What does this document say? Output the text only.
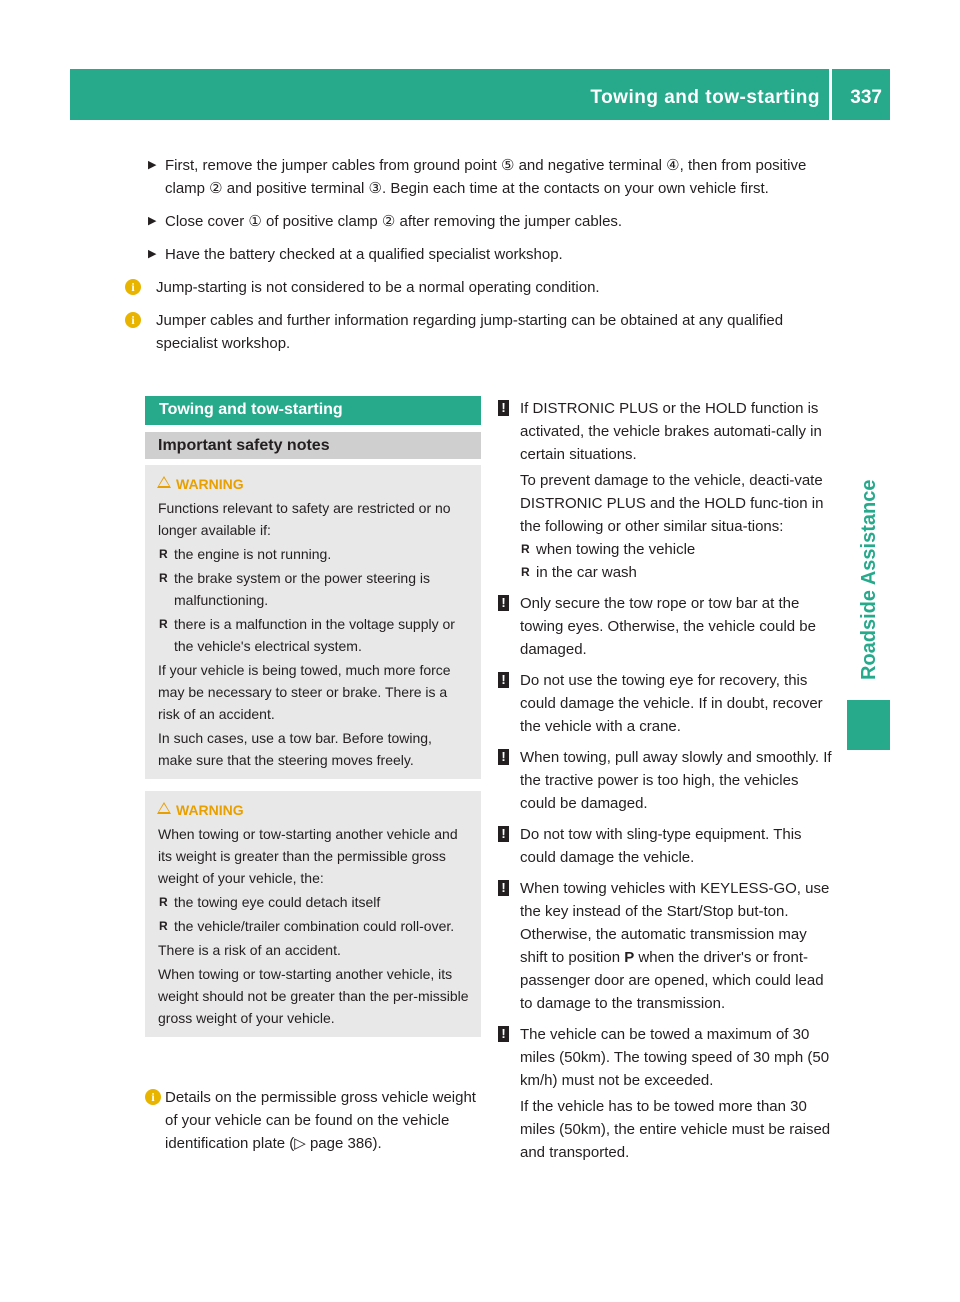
Towing and tow-starting 337
Roadside Assistance
▶ First, remove the jumper cables from ground point ⑤ and negative terminal ④, then from positive clamp ② and positive terminal ③. Begin each time at the contacts on your own vehicle first.
▶ Close cover ① of positive clamp ② after removing the jumper cables.
▶ Have the battery checked at a qualified specialist workshop.
i	Jump-starting is not considered to be a normal operating condition.
i	Jumper cables and further information regarding jump-starting can be obtained at any qualified specialist workshop.
Towing and tow-starting
Important safety notes
WARNING
Functions relevant to safety are restricted or no longer available if:
R the engine is not running.
R the brake system or the power steering is malfunctioning.
R there is a malfunction in the voltage supply or the vehicle's electrical system.
If your vehicle is being towed, much more force may be necessary to steer or brake. There is a risk of an accident.
In such cases, use a tow bar. Before towing, make sure that the steering moves freely.
WARNING
When towing or tow-starting another vehicle and its weight is greater than the permissible gross weight of your vehicle, the:
R the towing eye could detach itself
R the vehicle/trailer combination could roll-over.
There is a risk of an accident.
When towing or tow-starting another vehicle, its weight should not be greater than the per-missible gross weight of your vehicle.
i Details on the permissible gross vehicle weight of your vehicle can be found on the vehicle identification plate (▷ page 386).
! If DISTRONIC PLUS or the HOLD function is activated, the vehicle brakes automati-cally in certain situations.
To prevent damage to the vehicle, deacti-vate DISTRONIC PLUS and the HOLD func-tion in the following or other similar situa-tions:
R when towing the vehicle
R in the car wash
! Only secure the tow rope or tow bar at the towing eyes. Otherwise, the vehicle could be damaged.
! Do not use the towing eye for recovery, this could damage the vehicle. If in doubt, recover the vehicle with a crane.
! When towing, pull away slowly and smoothly. If the tractive power is too high, the vehicles could be damaged.
! Do not tow with sling-type equipment. This could damage the vehicle.
! When towing vehicles with KEYLESS-GO, use the key instead of the Start/Stop but-ton. Otherwise, the automatic transmission may shift to position P when the driver's or front-passenger door are opened, which could lead to damage to the transmission.
! The vehicle can be towed a maximum of 30 miles (50km). The towing speed of 30 mph (50 km/h) must not be exceeded.
If the vehicle has to be towed more than 30 miles (50km), the entire vehicle must be raised and transported.
